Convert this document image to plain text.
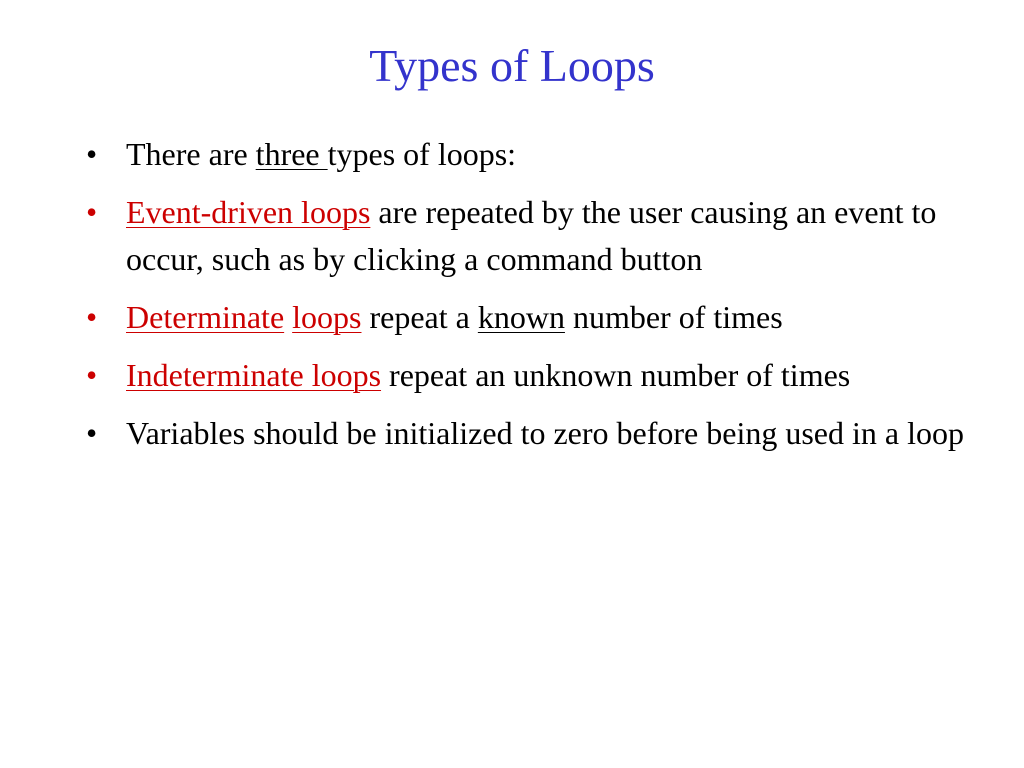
Types of Loops
• There are three types of loops:
• Event-driven loops are repeated by the user causing an event to occur, such as by clicking a command button
• Determinate loops repeat a known number of times
• Indeterminate loops repeat an unknown number of times
• Variables should be initialized to zero before being used in a loop
